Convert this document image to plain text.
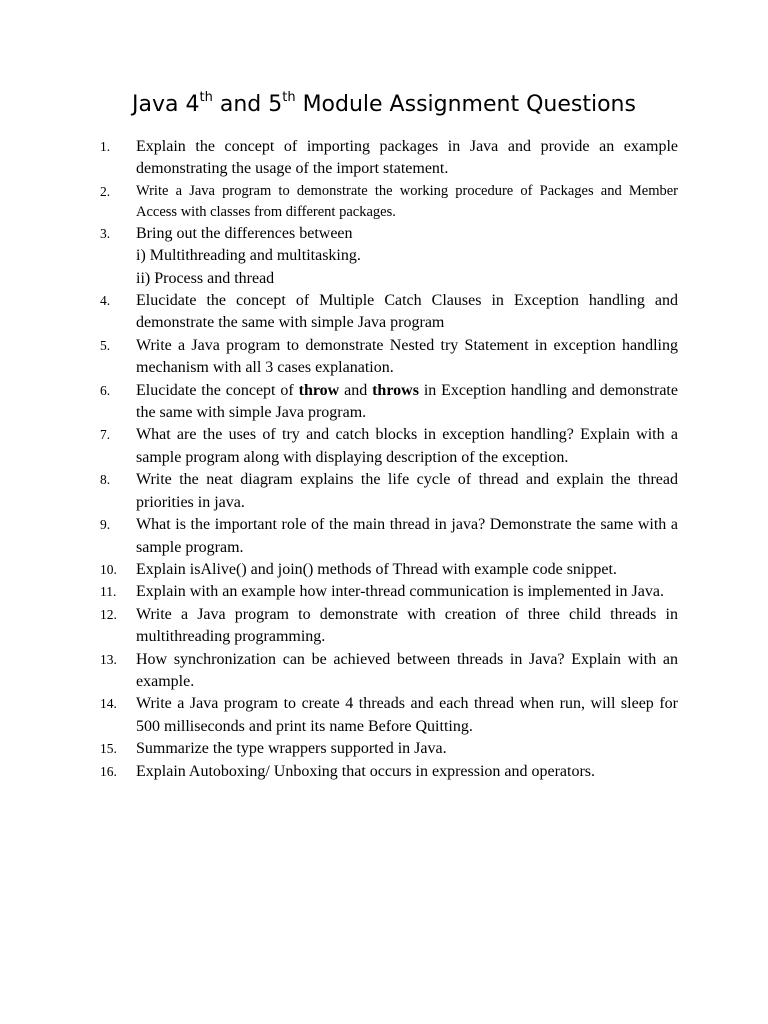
Java 4th and 5th Module Assignment Questions
1.	Explain the concept of importing packages in Java and provide an example demonstrating the usage of the import statement.
2.	Write a Java program to demonstrate the working procedure of Packages and Member Access with classes from different packages.
3.	Bring out the differences between
i) Multithreading and multitasking.
ii) Process and thread
4.	Elucidate the concept of Multiple Catch Clauses in Exception handling and demonstrate the same with simple Java program
5.	Write a Java program to demonstrate Nested try Statement in exception handling mechanism with all 3 cases explanation.
6.	Elucidate the concept of throw and throws in Exception handling and demonstrate the same with simple Java program.
7.	What are the uses of try and catch blocks in exception handling? Explain with a sample program along with displaying description of the exception.
8.	Write the neat diagram explains the life cycle of thread and explain the thread priorities in java.
9.	What is the important role of the main thread in java? Demonstrate the same with a sample program.
10.	Explain isAlive() and join() methods of Thread with example code snippet.
11.	Explain with an example how inter-thread communication is implemented in Java.
12.	Write a Java program to demonstrate with creation of three child threads in multithreading programming.
13.	How synchronization can be achieved between threads in Java? Explain with an example.
14.	Write a Java program to create 4 threads and each thread when run, will sleep for 500 milliseconds and print its name Before Quitting.
15.	Summarize the type wrappers supported in Java.
16.	Explain Autoboxing/ Unboxing that occurs in expression and operators.
